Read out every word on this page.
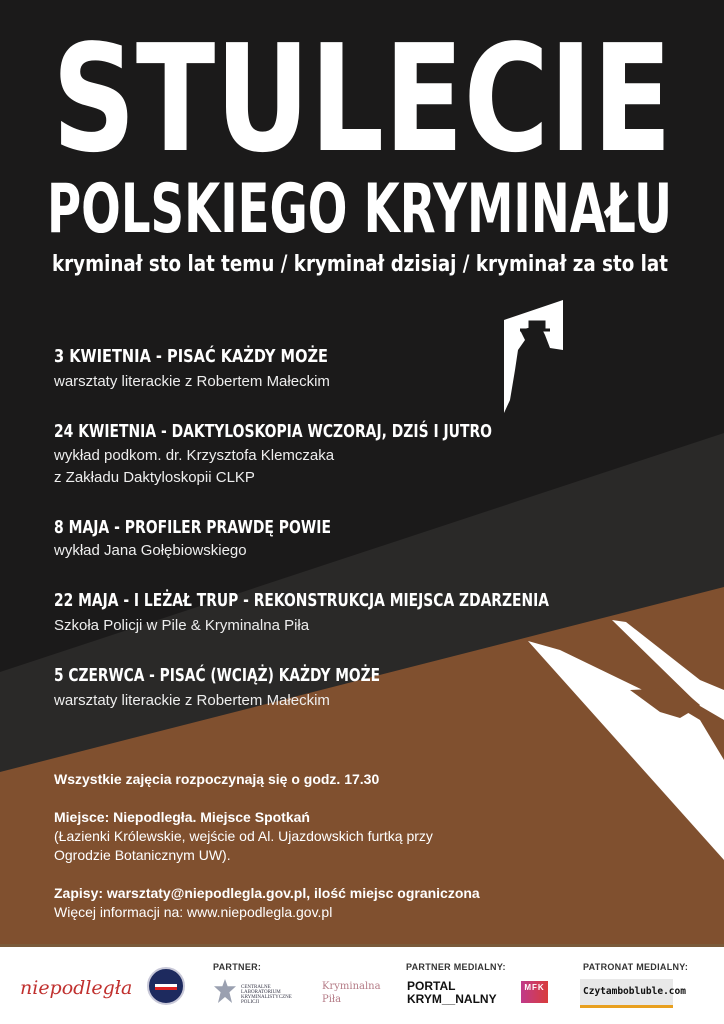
STULECIE
POLSKIEGO KRYMINAŁU
kryminał sto lat temu / kryminał dzisiaj / kryminał za sto lat
3 KWIETNIA - PISAĆ KAŻDY MOŻE
24 KWIETNIA - DAKTYLOSKOPIA WCZORAJ, DZIŚ I JUTRO
8 MAJA - PROFILER PRAWDĘ POWIE
22 MAJA - I LEŻAŁ TRUP - REKONSTRUKCJA MIEJSCA ZDARZENIA
5 CZERWCA - PISAĆ (WCIĄŻ) KAŻDY MOŻE
warsztaty literackie z Robertem Małeckim
wykład podkom. dr. Krzysztofa Klemczaka
z Zakładu Daktyloskopii CLKP
wykład Jana Gołębiowskiego
Szkoła Policji w Pile & Kryminalna Piła
warsztaty literackie z Robertem Małeckim
Wszystkie zajęcia rozpoczynają się o godz. 17.30
Miejsce: Niepodległa. Miejsce Spotkań
(Łazienki Królewskie, wejście od Al. Ujazdowskich furtką przy
Ogrodzie Botanicznym UW).
Zapisy: warsztaty@niepodlegla.gov.pl, ilość miejsc ograniczona
Więcej informacji na: www.niepodlegla.gov.pl
niepodległa
PARTNER:
CENTRALNE LABORATORIUM KRYMINALISTYCZNE POLICJI
Kryminalna Piła
PARTNER MEDIALNY:
PORTAL
KRYM__NALNY
MFK
PATRONAT MEDIALNY:
Czytambobluble.com
